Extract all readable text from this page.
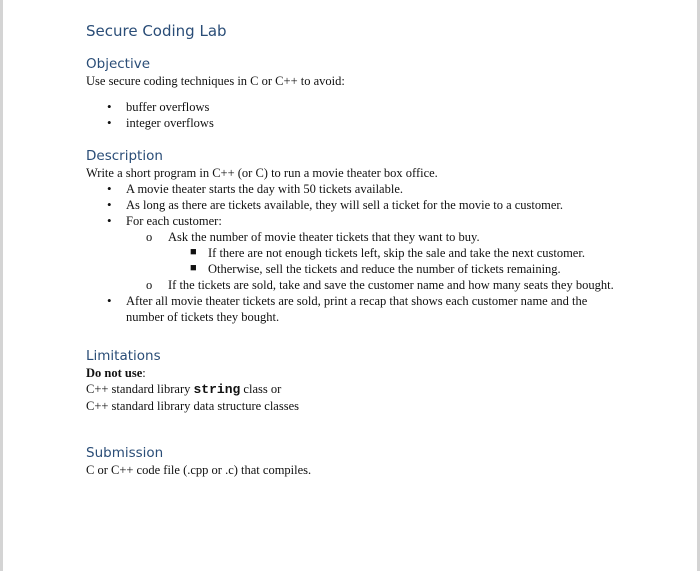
Secure Coding Lab
Objective

Use secure coding techniques in C or C++ to avoid:

• buffer overflows
• integer overflows
Description

Write a short program in C++ (or C) to run a movie theater box office.

• A movie theater starts the day with 50 tickets available.
• As long as there are tickets available, they will sell a ticket for the movie to a customer.
• For each customer:
o Ask the number of movie theater tickets that they want to buy.
■ If there are not enough tickets left, skip the sale and take the next customer.
■ Otherwise, sell the tickets and reduce the number of tickets remaining.
o If the tickets are sold, take and save the customer name and how many seats they bought.
• After all movie theater tickets are sold, print a recap that shows each customer name and the number of tickets they bought.
Limitations

Do not use:

C++ standard library string class or

C++ standard library data structure classes

Submission

C or C++ code file (.cpp or .c) that compiles.
